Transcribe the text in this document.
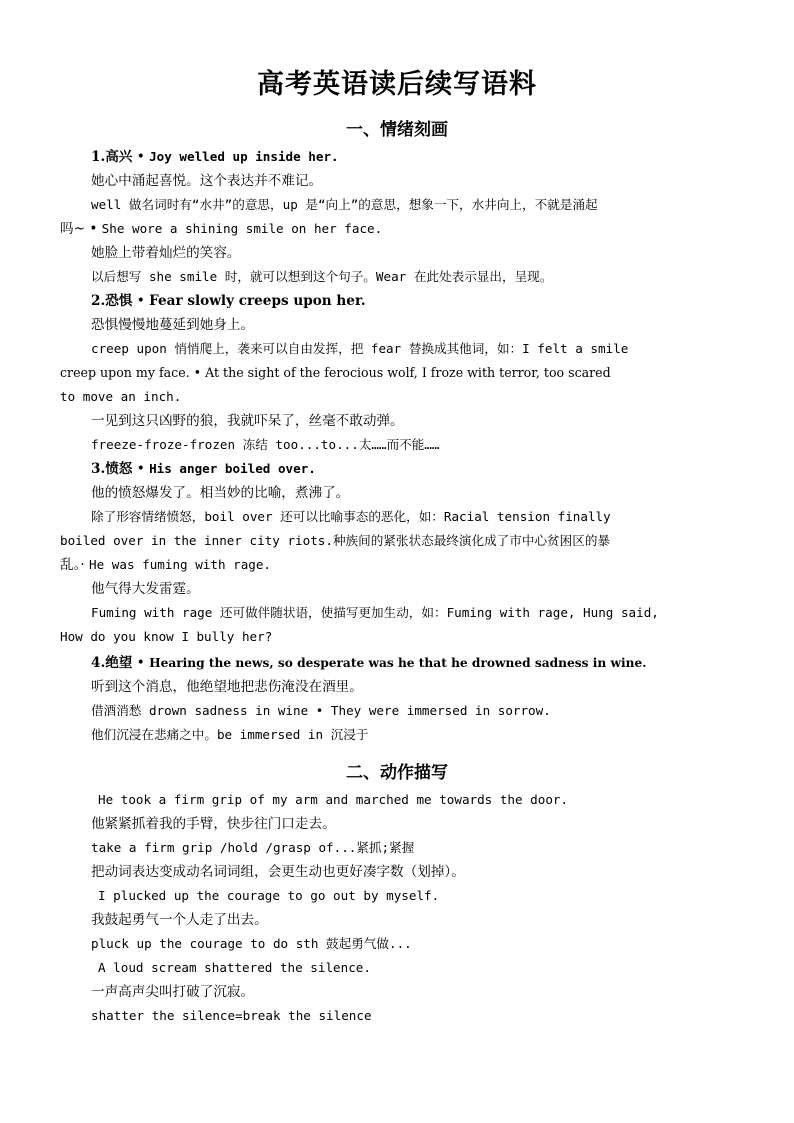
高考英语读后续写语料
一、情绪刻画
1.高兴 • Joy welled up inside her.
她心中涌起喜悦。这个表达并不难记。
well 做名词时有“水井”的意思，up 是“向上”的意思，想象一下，水井向上，不就是涌起
吗~ • She wore a shining smile on her face.
她脸上带着灿烂的笑容。
以后想写 she smile 时，就可以想到这个句子。Wear 在此处表示显出，呈现。
2.恐惧 • Fear slowly creeps upon her.
恐惧慢慢地蔓延到她身上。
creep upon 悄悄爬上，袭来可以自由发挥，把 fear 替换成其他词，如：I felt a smile
creep upon my face. • At the sight of the ferocious wolf, I froze with terror, too scared
to move an inch.
一见到这只凶野的狼，我就吓呆了，丝毫不敢动弹。
freeze-froze-frozen 冻结 too...to...太……而不能……
3.愤怒 • His anger boiled over.
他的愤怒爆发了。相当妙的比喻，煮沸了。
除了形容情绪愤怒，boil over 还可以比喻事态的恶化，如：Racial tension finally
boiled over in the inner city riots.种族间的紧张状态最终演化成了市中心贫困区的暴
乱。· He was fuming with rage.
他气得大发雷霆。
Fuming with rage 还可做伴随状语，使描写更加生动，如：Fuming with rage, Hung said,
How do you know I bully her?
4.绝望 • Hearing the news, so desperate was he that he drowned sadness in wine.
听到这个消息，他绝望地把悲伤淹没在酒里。
借酒消愁 drown sadness in wine • They were immersed in sorrow.
他们沉浸在悲痛之中。be immersed in 沉浸于
二、动作描写
He took a firm grip of my arm and marched me towards the door.
他紧紧抓着我的手臂，快步往门口走去。
take a firm grip /hold /grasp of...紧抓;紧握
把动词表达变成动名词词组，会更生动也更好凑字数（划掉）。
I plucked up the courage to go out by myself.
我鼓起勇气一个人走了出去。
pluck up the courage to do sth 鼓起勇气做...
A loud scream shattered the silence.
一声高声尖叫打破了沉寂。
shatter the silence=break the silence
